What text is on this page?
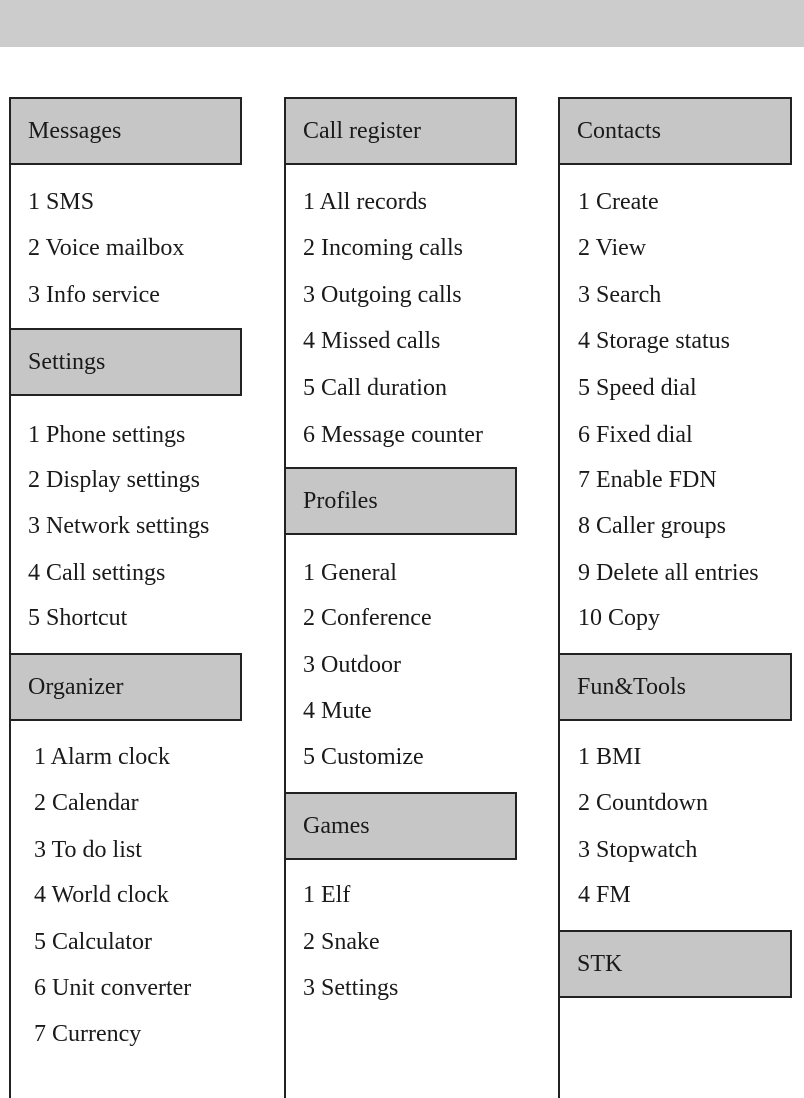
Messages
1 SMS
2 Voice mailbox
3 Info service
Settings
1 Phone settings
2 Display settings
3 Network settings
4 Call settings
5 Shortcut
Organizer
1 Alarm clock
2 Calendar
3 To do list
4 World clock
5 Calculator
6 Unit converter
7 Currency
Call register
1 All records
2 Incoming calls
3 Outgoing calls
4 Missed calls
5 Call duration
6 Message counter
Profiles
1 General
2 Conference
3 Outdoor
4 Mute
5 Customize
Games
1 Elf
2 Snake
3 Settings
Contacts
1 Create
2 View
3 Search
4 Storage status
5 Speed dial
6 Fixed dial
7 Enable FDN
8 Caller groups
9 Delete all entries
10 Copy
Fun&Tools
1 BMI
2 Countdown
3 Stopwatch
4 FM
STK
